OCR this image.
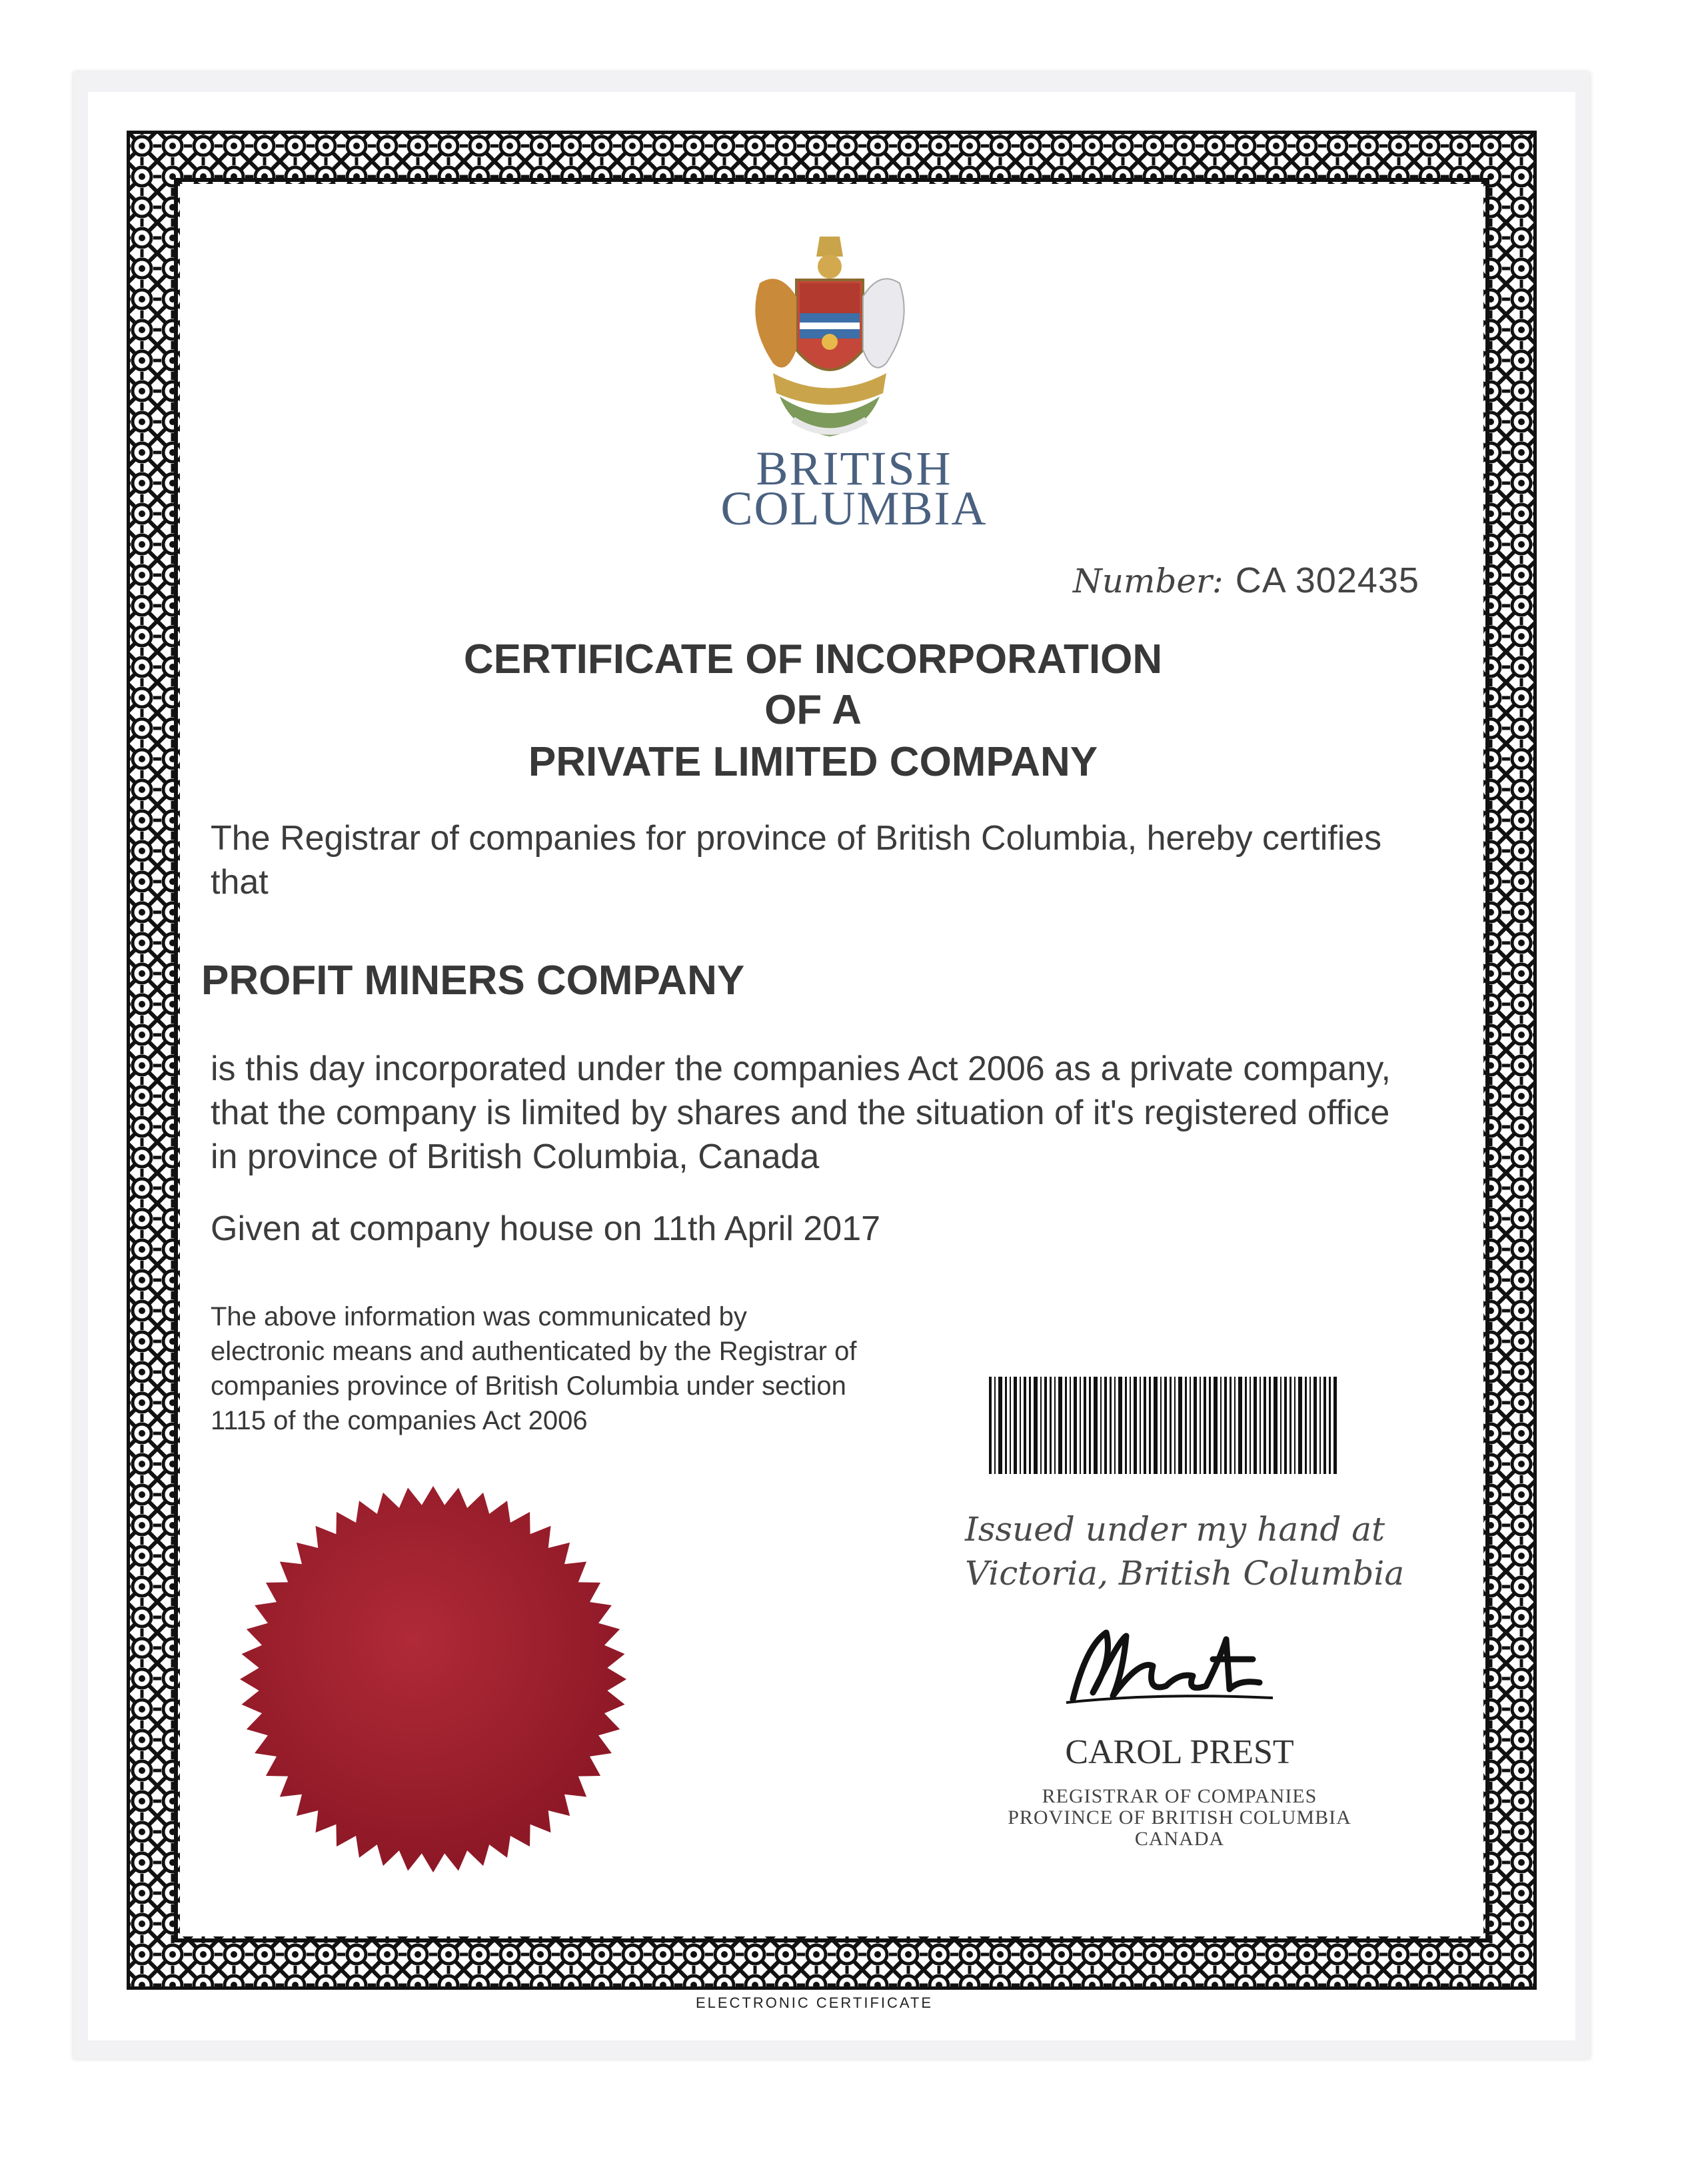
BRITISH
COLUMBIA
Number: CA 302435
CERTIFICATE OF INCORPORATION
OF A
PRIVATE LIMITED COMPANY
The Registrar of companies for province of British Columbia, hereby certifies
that
PROFIT MINERS COMPANY
is this day incorporated under the companies Act 2006 as a private company,
that the company is limited by shares and the situation of it's registered office
in province of British Columbia, Canada
Given at company house on 11th April 2017
The above information was communicated by
electronic means and authenticated by the Registrar of
companies province of British Columbia under section
1115 of the companies Act 2006
Issued under my hand at
Victoria, British Columbia
CAROL PREST
REGISTRAR OF COMPANIES
PROVINCE OF BRITISH COLUMBIA
CANADA
ELECTRONIC CERTIFICATE
